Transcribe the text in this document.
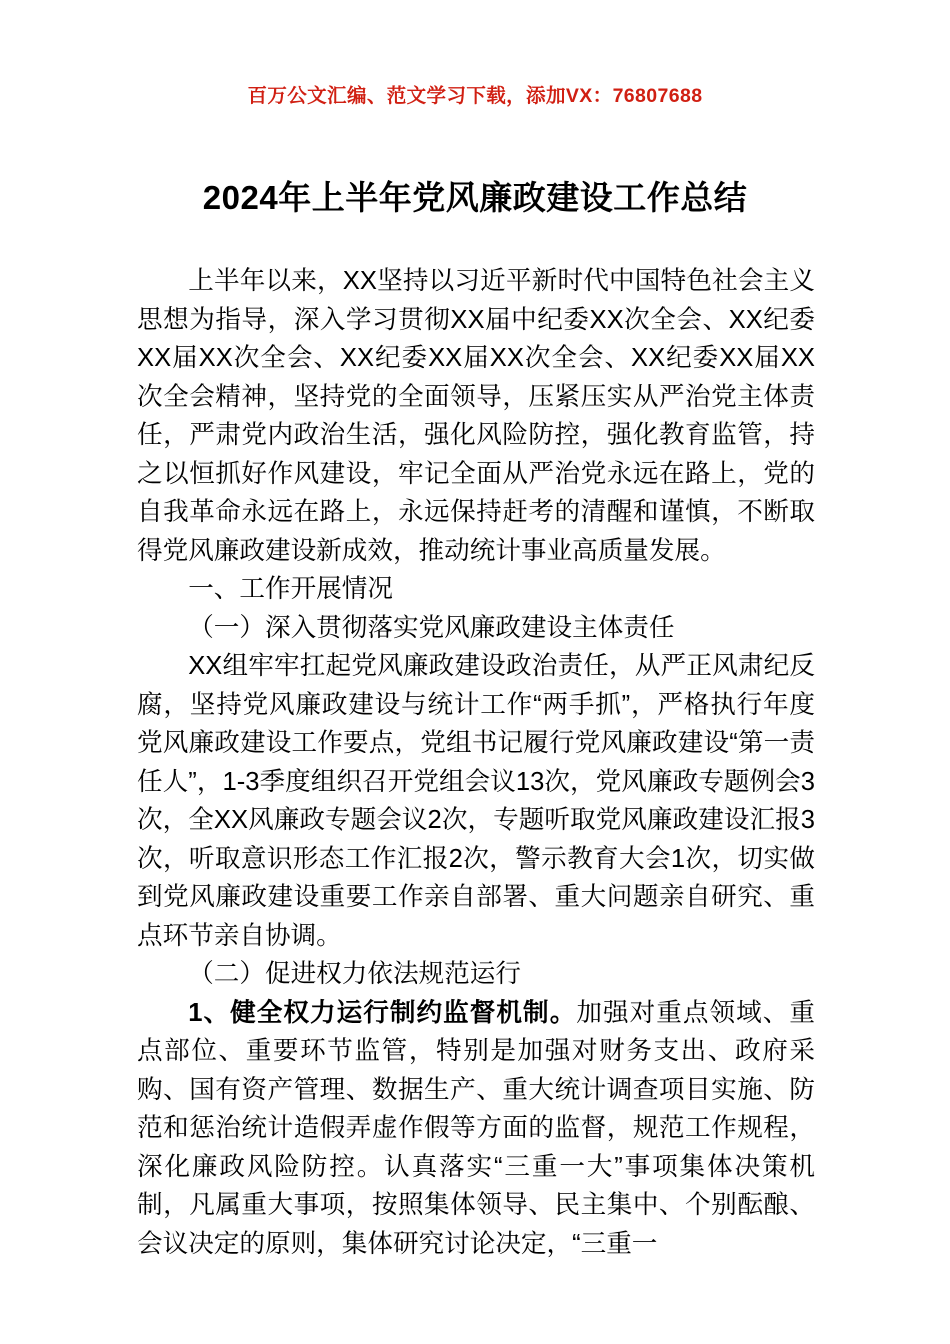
百万公文汇编、范文学习下载，添加VX：76807688
2024年上半年党风廉政建设工作总结

上半年以来，XX坚持以习近平新时代中国特色社会主义思想为指导，深入学习贯彻XX届中纪委XX次全会、XX纪委XX届XX次全会、XX纪委XX届XX次全会、XX纪委XX届XX次全会精神，坚持党的全面领导，压紧压实从严治党主体责任，严肃党内政治生活，强化风险防控，强化教育监管，持之以恒抓好作风建设，牢记全面从严治党永远在路上，党的自我革命永远在路上，永远保持赶考的清醒和谨慎，不断取得党风廉政建设新成效，推动统计事业高质量发展。

一、工作开展情况

（一）深入贯彻落实党风廉政建设主体责任

XX组牢牢扛起党风廉政建设政治责任，从严正风肃纪反腐，坚持党风廉政建设与统计工作“两手抓”，严格执行年度党风廉政建设工作要点，党组书记履行党风廉政建设“第一责任人”，1-3季度组织召开党组会议13次，党风廉政专题例会3次，全XX风廉政专题会议2次，专题听取党风廉政建设汇报3次，听取意识形态工作汇报2次，警示教育大会1次，切实做到党风廉政建设重要工作亲自部署、重大问题亲自研究、重点环节亲自协调。

（二）促进权力依法规范运行

1、健全权力运行制约监督机制。加强对重点领域、重点部位、重要环节监管，特别是加强对财务支出、政府采购、国有资产管理、数据生产、重大统计调查项目实施、防范和惩治统计造假弄虚作假等方面的监督，规范工作规程，深化廉政风险防控。认真落实“三重一大”事项集体决策机制，凡属重大事项，按照集体领导、民主集中、个别酝酿、会议决定的原则，集体研究讨论决定，“三重一
